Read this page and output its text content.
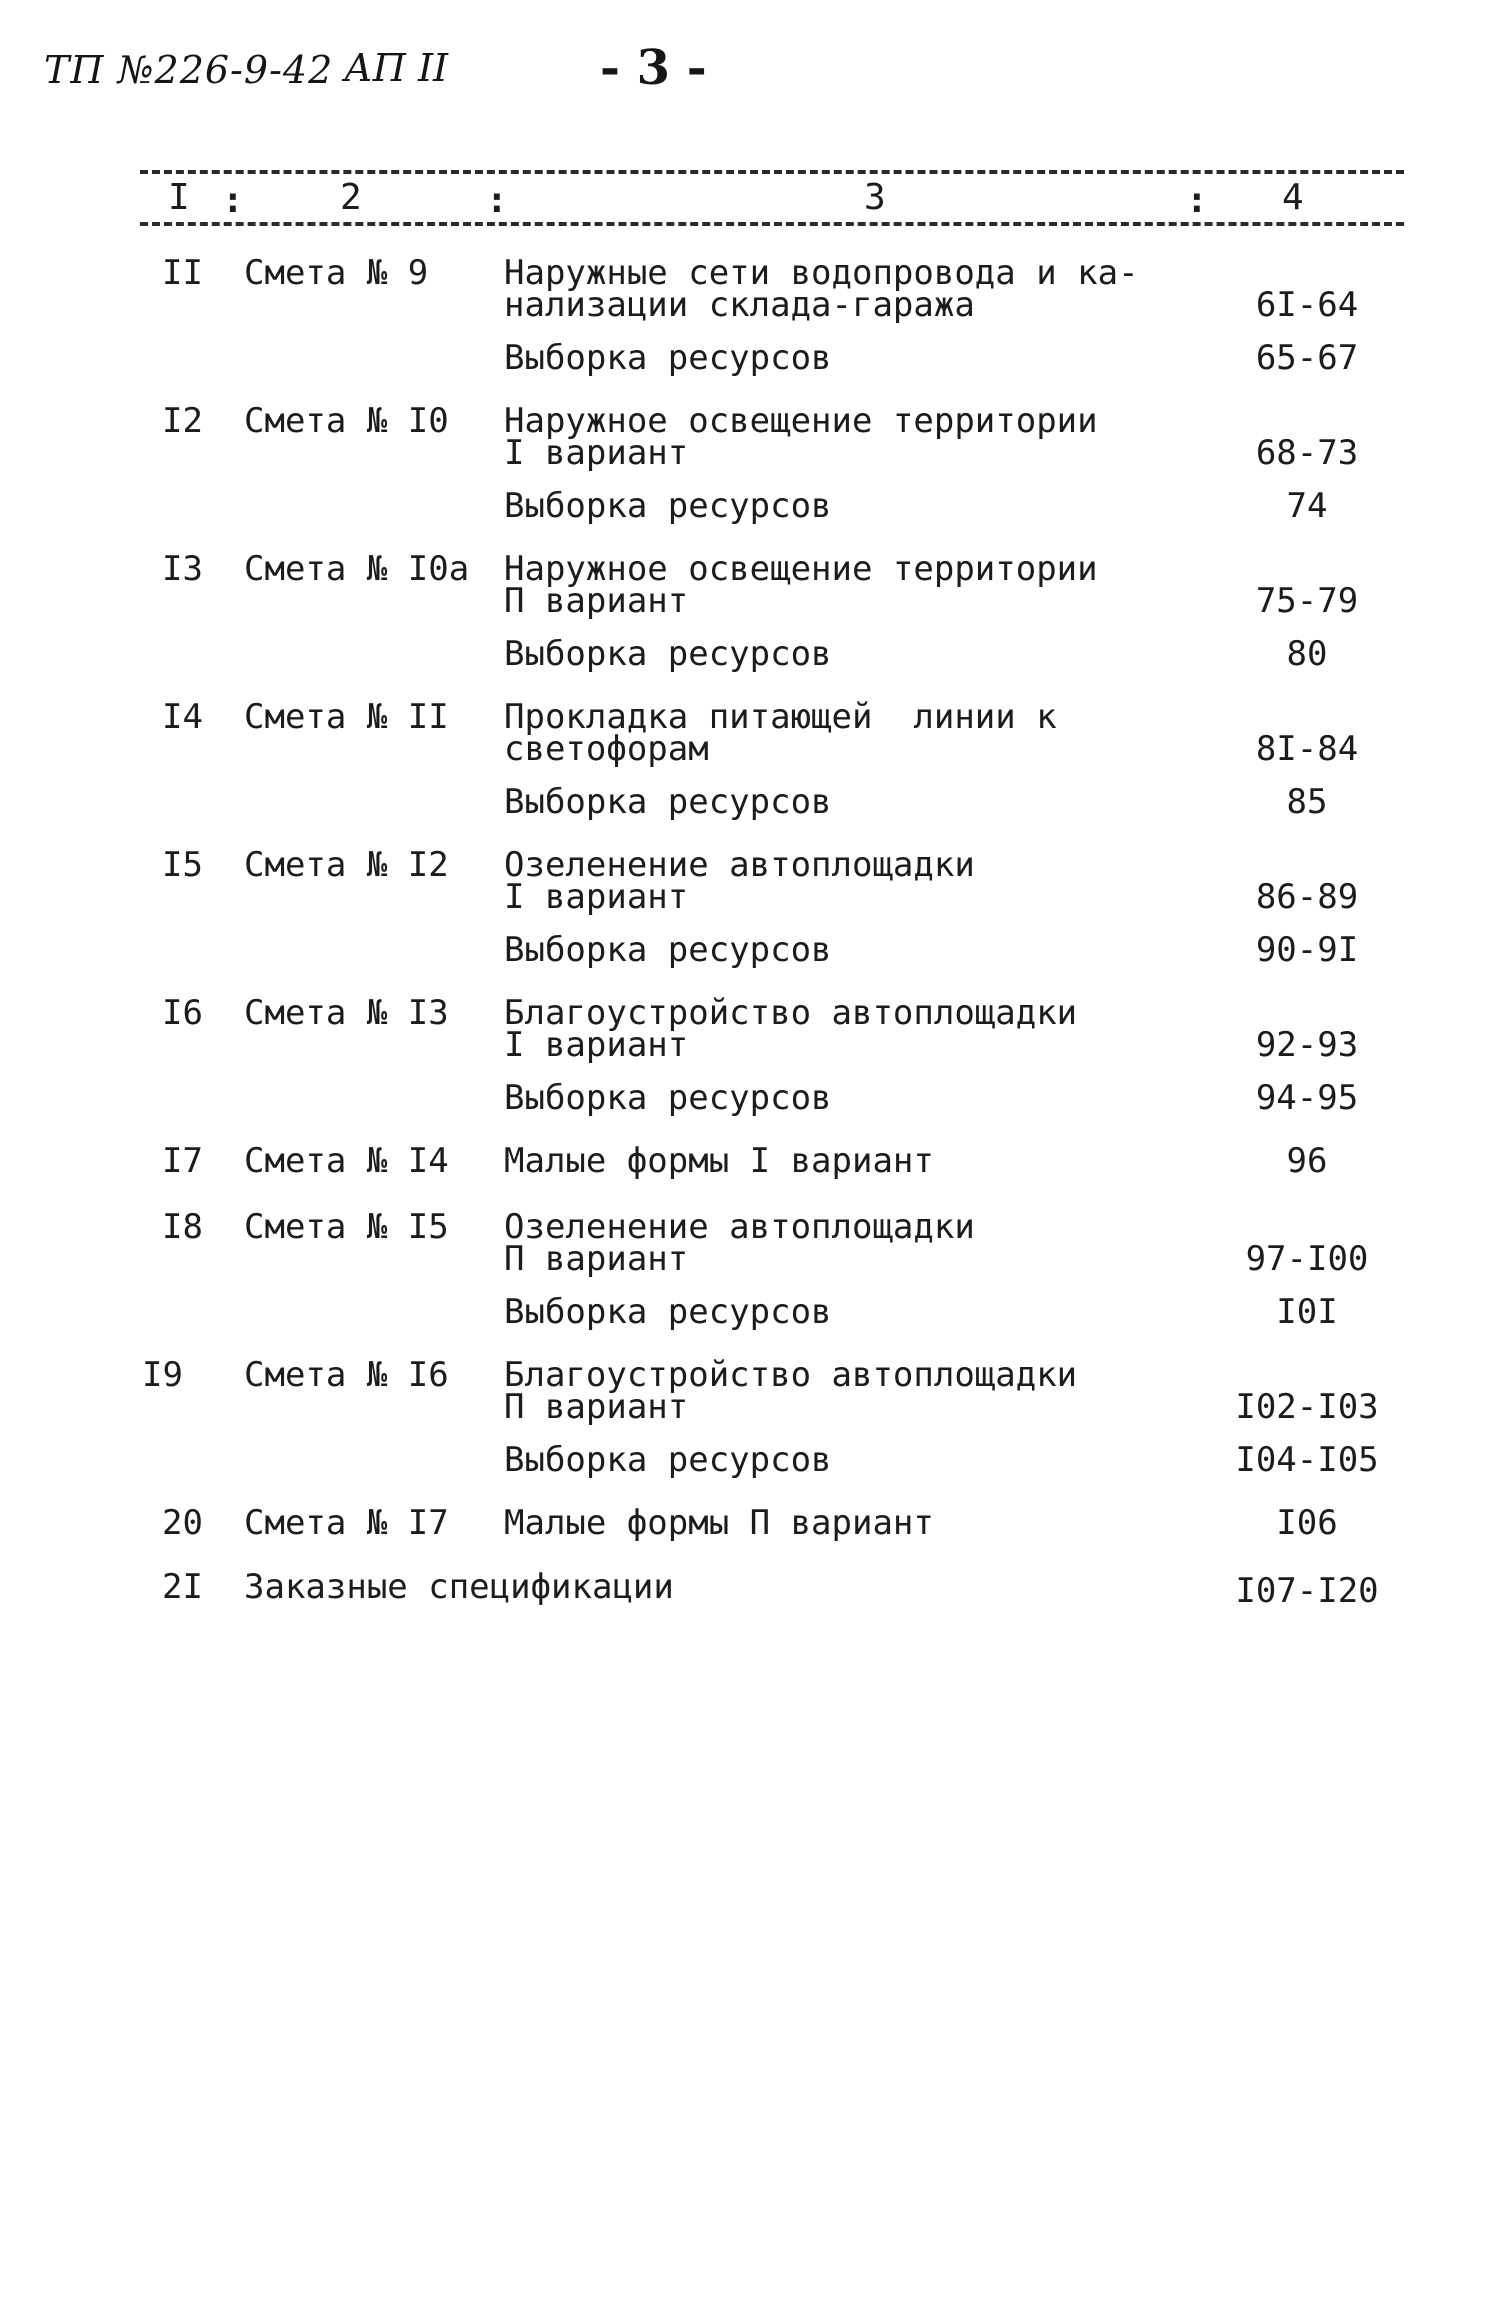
ТП №226-9-42 АП II	- 3 -
I :	2	:	3	: 4
II Смета № 9 Наружные сети водопровода и ка-
нализации склада-гаража	6I-64
Выборка ресурсов	65-67
I2 Смета № I0 Наружное освещение территории
I вариант	68-73
Выборка ресурсов	74
I3 Смета № I0а Наружное освещение территории
П вариант	75-79
Выборка ресурсов	80
I4 Смета № II Прокладка питающей  линии к
светофорам	8I-84
Выборка ресурсов	85
I5 Смета № I2 Озеленение автоплощадки
I вариант	86-89
Выборка ресурсов	90-9I
I6 Смета № I3 Благоустройство автоплощадки
I вариант	92-93
Выборка ресурсов	94-95
I7 Смета № I4 Малые формы I вариант	96
I8 Смета № I5 Озеленение автоплощадки
П вариант	97-I00
Выборка ресурсов	I0I
I9 Смета № I6 Благоустройство автоплощадки
П вариант	I02-I03
Выборка ресурсов	I04-I05
20 Смета № I7 Малые формы П вариант	I06
2I Заказные спецификации	I07-I20
